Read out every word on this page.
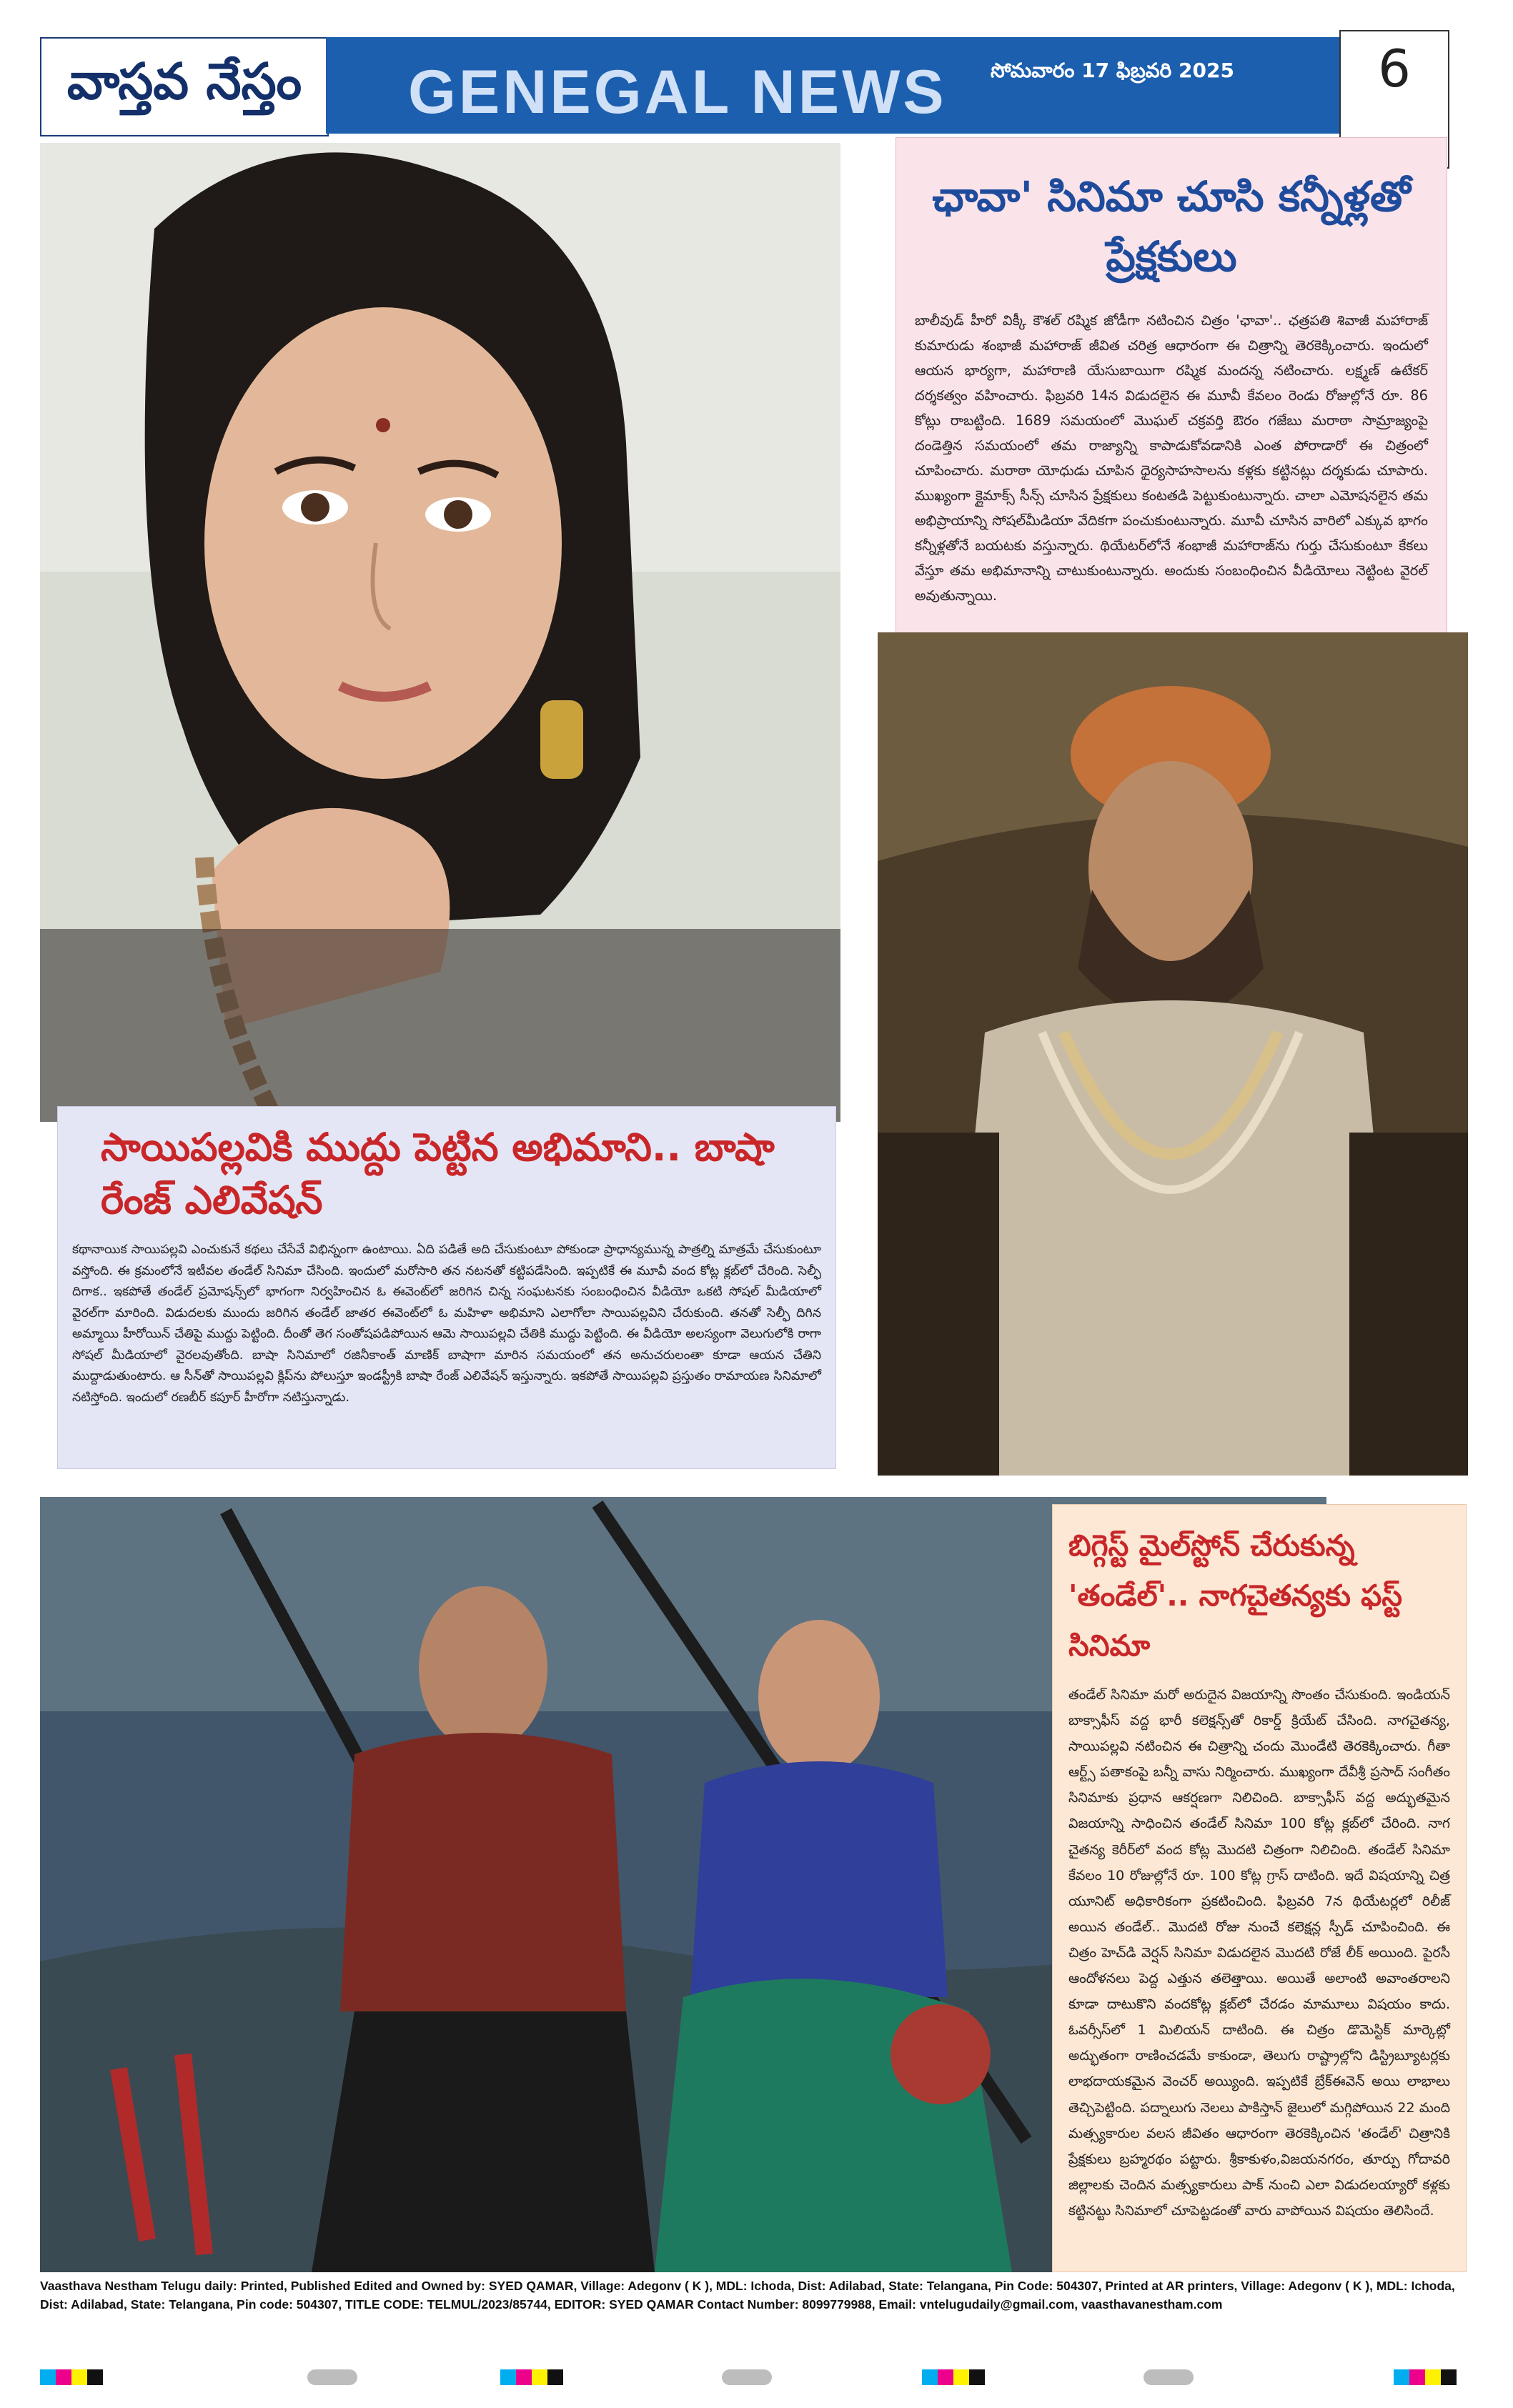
వాస్తవ నేస్తం GENEGAL NEWS	సోమవారం 17 ఫిబ్రవరి 2025	6
ఛావా' సినిమా చూసి కన్నీళ్లతో ప్రేక్షకులు

బాలీవుడ్ హీరో విక్కీ కౌశల్ రష్మిక జోడీగా నటించిన చిత్రం 'ఛావా'.. ఛత్రపతి శివాజీ మహారాజ్ కుమారుడు శంభాజీ మహారాజ్ జీవిత చరిత్ర ఆధారంగా ఈ చిత్రాన్ని తెరకెక్కించారు. ఇందులో ఆయన భార్యగా, మహారాణి యేసుబాయిగా రష్మిక మందన్న నటించారు. లక్ష్మణ్ ఉటేకర్ దర్శకత్వం వహించారు. ఫిబ్రవరి 14న విడుదలైన ఈ మూవీ కేవలం రెండు రోజుల్లోనే రూ. 86 కోట్లు రాబట్టింది. 1689 సమయంలో మొఘల్ చక్రవర్తి ఔరం గజేబు మరాఠా సామ్రాజ్యంపై దండెత్తిన సమయంలో తమ రాజ్యాన్ని కాపాడుకోవడానికి ఎంత పోరాడారో ఈ చిత్రంలో చూపించారు. మరాఠా యోధుడు చూపిన ధైర్యసాహసాలను కళ్లకు కట్టినట్లు దర్శకుడు చూపారు. ముఖ్యంగా క్లైమాక్స్ సీన్స్ చూసిన ప్రేక్షకులు కంటతడి పెట్టుకుంటున్నారు. చాలా ఎమోషనలైన తమ అభిప్రాయాన్ని సోషల్‌మీడియా వేదికగా పంచుకుంటున్నారు. మూవీ చూసిన వారిలో ఎక్కువ భాగం కన్నీళ్లతోనే బయటకు వస్తున్నారు. థియేటర్‌లోనే శంభాజీ మహారాజ్‌ను గుర్తు చేసుకుంటూ కేకలు వేస్తూ తమ అభిమానాన్ని చాటుకుంటున్నారు. అందుకు సంబంధించిన వీడియోలు నెట్టింట వైరల్ అవుతున్నాయి.

సాయిపల్లవికి ముద్దు పెట్టిన అభిమాని.. బాషా రేంజ్ ఎలివేషన్

కథానాయిక సాయిపల్లవి ఎంచుకునే కథలు చేసేవే విభిన్నంగా ఉంటాయి. ఏది పడితే అది చేసుకుంటూ పోకుండా ప్రాధాన్యమున్న పాత్రల్ని మాత్రమే చేసుకుంటూ వస్తోంది. ఈ క్రమంలోనే ఇటీవల తండేల్ సినిమా చేసింది. ఇందులో మరోసారి తన నటనతో కట్టిపడేసింది. ఇప్పటికే ఈ మూవీ వంద కోట్ల క్లబ్‌లో చేరింది. సెల్ఫీ దిగాక.. ఇకపోతే తండేల్ ప్రమోషన్స్‌లో భాగంగా నిర్వహించిన ఓ ఈవెంట్‌లో జరిగిన చిన్న సంఘటనకు సంబంధించిన వీడియో ఒకటి సోషల్ మీడియాలో వైరల్‌గా మారింది. విడుదలకు ముందు జరిగిన తండేల్ జాతర ఈవెంట్‌లో ఓ మహిళా అభిమాని ఎలాగోలా సాయిపల్లవిని చేరుకుంది. తనతో సెల్ఫీ దిగిన అమ్మాయి హీరోయిన్ చేతిపై ముద్దు పెట్టింది. దీంతో తెగ సంతోషపడిపోయిన ఆమె సాయిపల్లవి చేతికి ముద్దు పెట్టింది. ఈ వీడియో అలస్యంగా వెలుగులోకి రాగా సోషల్ మీడియాలో వైరలవుతోంది. బాషా సినిమాలో రజినీకాంత్ మాణిక్ బాషాగా మారిన సమయంలో తన అనుచరులంతా కూడా ఆయన చేతిని ముద్దాడుతుంటారు. ఆ సీన్‌తో సాయిపల్లవి క్లిప్‌ను పోలుస్తూ ఇండస్ట్రీకి బాషా రేంజ్ ఎలివేషన్ ఇస్తున్నారు. ఇకపోతే సాయిపల్లవి ప్రస్తుతం రామాయణ సినిమాలో నటిస్తోంది. ఇందులో రణబీర్ కపూర్ హీరోగా నటిస్తున్నాడు.

బిగ్గెస్ట్ మైల్‌స్టోన్ చేరుకున్న 'తండేల్'.. నాగచైతన్యకు ఫస్ట్ సినిమా

తండేల్ సినిమా మరో అరుదైన విజయాన్ని సొంతం చేసుకుంది. ఇండియన్ బాక్సాఫీస్ వద్ద భారీ కలెక్షన్స్‌తో రికార్డ్ క్రియేట్ చేసింది. నాగచైతన్య, సాయిపల్లవి నటించిన ఈ చిత్రాన్ని చందు మొండేటి తెరకెక్కించారు. గీతా ఆర్ట్స్ పతాకంపై బన్నీ వాసు నిర్మించారు. ముఖ్యంగా దేవీశ్రీ ప్రసాద్ సంగీతం సినిమాకు ప్రధాన ఆకర్షణగా నిలిచింది. బాక్సాఫీస్ వద్ద అద్భుతమైన విజయాన్ని సాధించిన తండేల్ సినిమా 100 కోట్ల క్లబ్‌లో చేరింది. నాగ చైతన్య కెరీర్‌లో వంద కోట్ల మొదటి చిత్రంగా నిలిచింది. తండేల్ సినిమా కేవలం 10 రోజుల్లోనే రూ. 100 కోట్ల గ్రాస్ దాటింది. ఇదే విషయాన్ని చిత్ర యూనిట్ అధికారికంగా ప్రకటించింది. ఫిబ్రవరి 7న థియేటర్లలో రిలీజ్ అయిన తండేల్.. మొదటి రోజు నుంచే కలెక్షన్ల స్పీడ్ చూపించింది. ఈ చిత్రం హెచ్‌డి వెర్షన్ సినిమా విడుదలైన మొదటి రోజే లీక్ అయింది. పైరసీ ఆందోళనలు పెద్ద ఎత్తున తలెత్తాయి. అయితే అలాంటి అవాంతరాలని కూడా దాటుకొని వందకోట్ల క్లబ్‌లో చేరడం మామూలు విషయం కాదు. ఓవర్సీస్‌లో 1 మిలియన్ దాటింది. ఈ చిత్రం డొమెస్టిక్ మార్కెట్లో అద్భుతంగా రాణించడమే కాకుండా, తెలుగు రాష్ట్రాల్లోని డిస్ట్రిబ్యూటర్లకు లాభదాయకమైన వెంచర్ అయ్యింది. ఇప్పటికే బ్రేక్‌ఈవెన్ అయి లాభాలు తెచ్చిపెట్టింది. పద్నాలుగు నెలలు పాకిస్తాన్ జైలులో మగ్గిపోయిన 22 మంది మత్స్యకారుల వలస జీవితం ఆధారంగా తెరకెక్కించిన 'తండేల్' చిత్రానికి ప్రేక్షకులు బ్రహ్మరథం పట్టారు. శ్రీకాకుళం,విజయనగరం, తూర్పు గోదావరి జిల్లాలకు చెందిన మత్స్యకారులు పాక్ నుంచి ఎలా విడుదలయ్యారో కళ్లకు కట్టినట్టు సినిమాలో చూపెట్టడంతో వారు వాపోయిన విషయం తెలిసిందే.

Vaasthava Nestham Telugu daily: Printed, Published Edited and Owned by: SYED QAMAR, Village: Adegonv ( K ), MDL: Ichoda, Dist: Adilabad, State: Telangana, Pin Code: 504307, Printed at AR printers, Village: Adegonv ( K ), MDL: Ichoda, Dist: Adilabad, State: Telangana, Pin code: 504307, TITLE CODE: TELMUL/2023/85744, EDITOR: SYED QAMAR Contact Number: 8099779988, Email: vntelugudaily@gmail.com, vaasthavanestham.com
